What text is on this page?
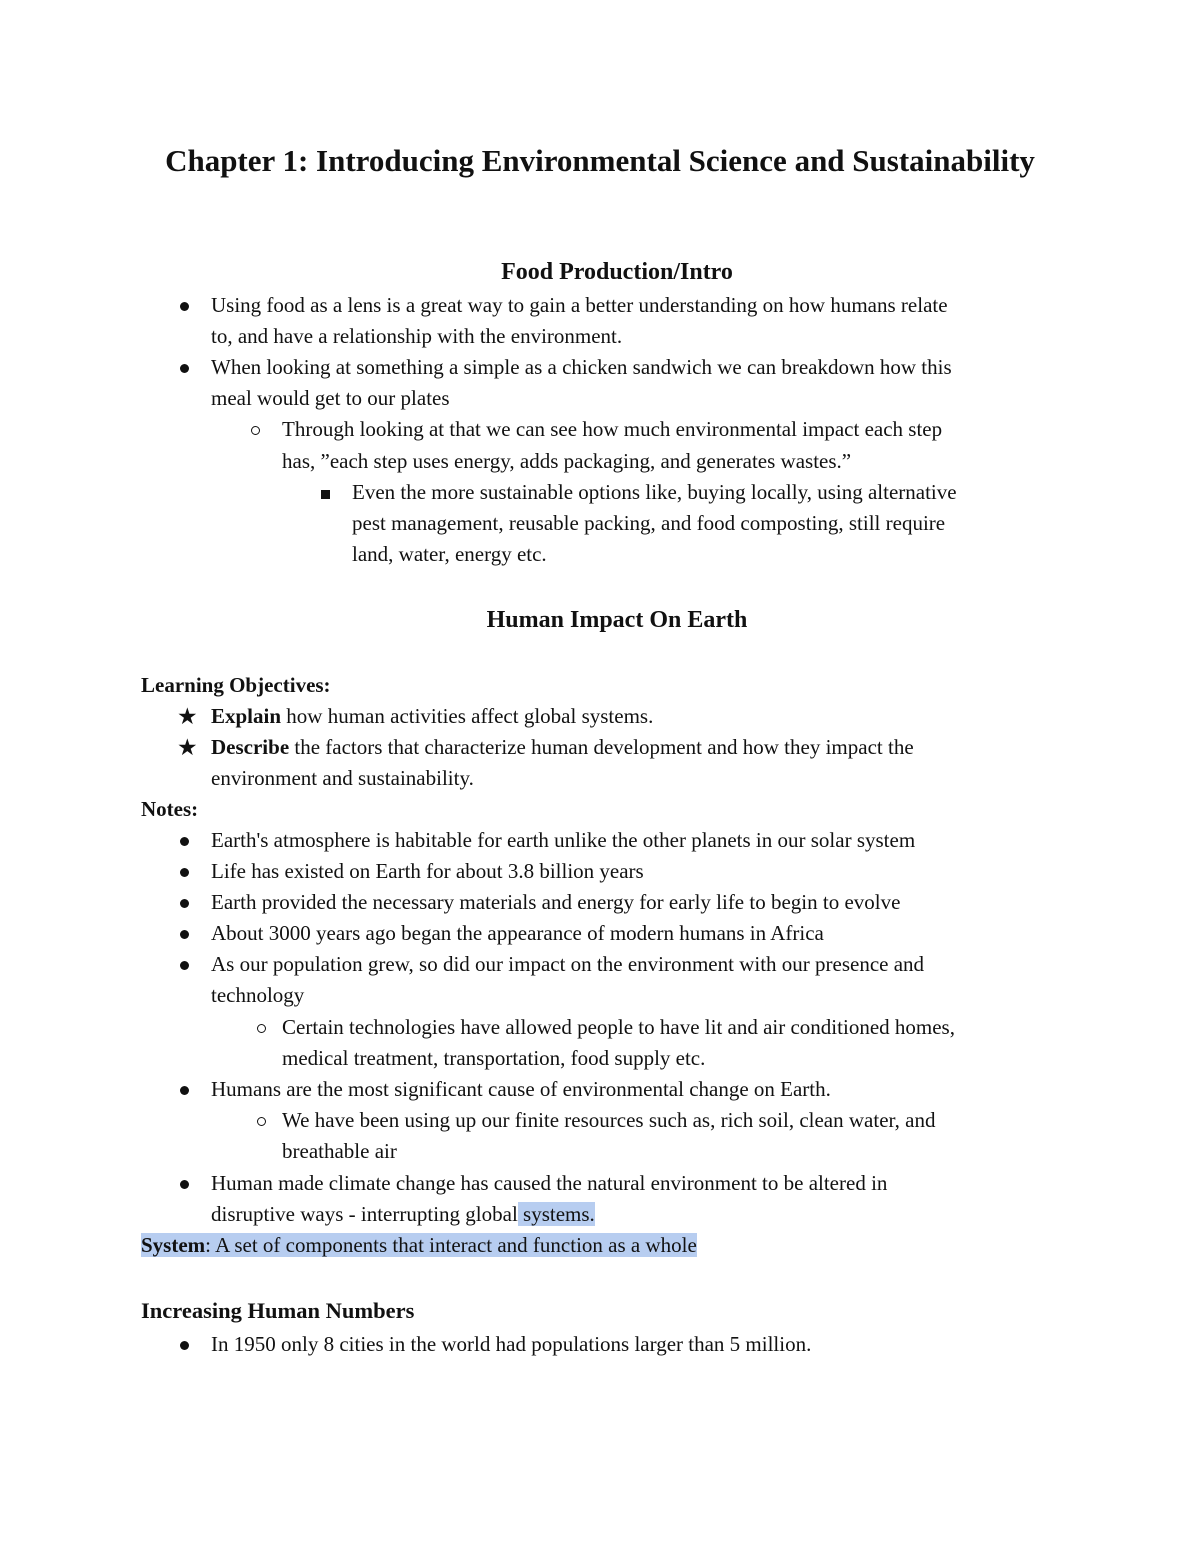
Chapter 1: Introducing Environmental Science and Sustainability
Food Production/Intro

Using food as a lens is a great way to gain a better understanding on how humans relate

to, and have a relationship with the environment.

When looking at something a simple as a chicken sandwich we can breakdown how this

meal would get to our plates

Through looking at that we can see how much environmental impact each step

has, ”each step uses energy, adds packaging, and generates wastes.”

Even the more sustainable options like, buying locally, using alternative

pest management, reusable packing, and food composting, still require

land, water, energy etc.

Human Impact On Earth

Learning Objectives:

★ Explain how human activities affect global systems.

★ Describe the factors that characterize human development and how they impact the

environment and sustainability.

Notes:

Earth's atmosphere is habitable for earth unlike the other planets in our solar system

Life has existed on Earth for about 3.8 billion years

Earth provided the necessary materials and energy for early life to begin to evolve

About 3000 years ago began the appearance of modern humans in Africa

As our population grew, so did our impact on the environment with our presence and

technology

Certain technologies have allowed people to have lit and air conditioned homes,

medical treatment, transportation, food supply etc.

Humans are the most significant cause of environmental change on Earth.

We have been using up our finite resources such as, rich soil, clean water, and

breathable air

Human made climate change has caused the natural environment to be altered in

disruptive ways - interrupting global systems.

System: A set of components that interact and function as a whole

Increasing Human Numbers

In 1950 only 8 cities in the world had populations larger than 5 million.
